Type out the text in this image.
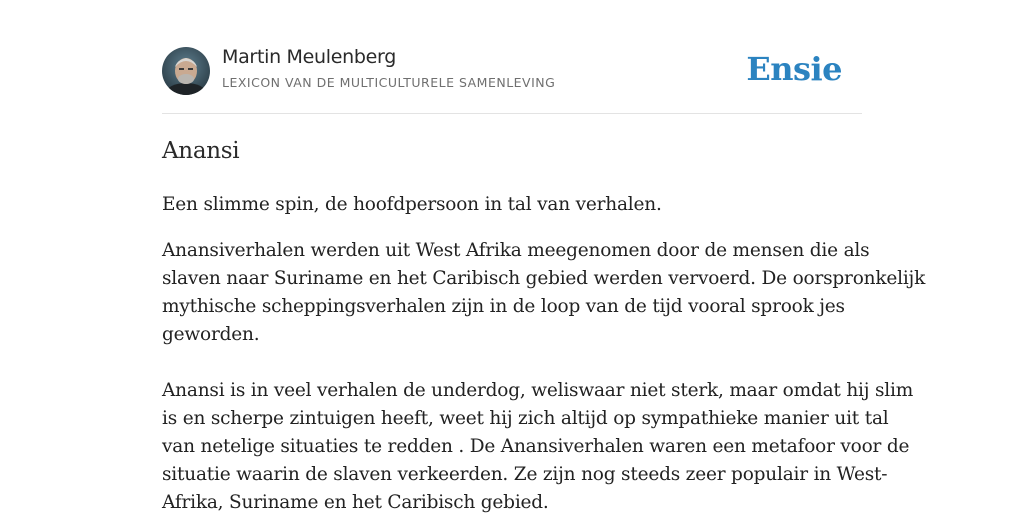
Martin Meulenberg
LEXICON VAN DE MULTICULTURELE SAMENLEVING	Ensie
Anansi

Een slimme spin, de hoofdpersoon in tal van verhalen.

Anansiverhalen werden uit West Afrika meegenomen door de mensen die als
slaven naar Suriname en het Caribisch gebied werden vervoerd. De oorspronkelijk
mythische scheppingsverhalen zijn in de loop van de tijd vooral sprook jes
geworden.

Anansi is in veel verhalen de underdog, weliswaar niet sterk, maar omdat hij slim
is en scherpe zintuigen heeft, weet hij zich altijd op sympathieke manier uit tal
van netelige situaties te redden . De Anansiverhalen waren een metafoor voor de
situatie waarin de slaven verkeerden. Ze zijn nog steeds zeer populair in West-
Afrika, Suriname en het Caribisch gebied.
